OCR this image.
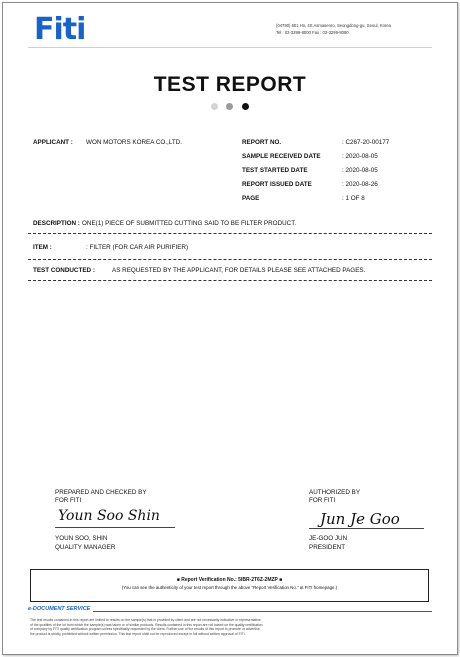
Fiti	(04790) 601 Ho, 4S Asmasenro, Seongdong-gu, Seoul, Korea
Tel : 02-3299-8000 Fax : 02-3299-8090
TEST REPORT
APPLICANT : WON MOTORS KOREA CO.,LTD.	REPORT NO.	: C267-20-00177
SAMPLE RECEIVED DATE	: 2020-08-05
TEST STARTED DATE	: 2020-08-05
REPORT ISSUED DATE	: 2020-08-26
PAGE	: 1 OF 8
DESCRIPTION : ONE(1) PIECE OF SUBMITTED CUTTING SAID TO BE FILTER PRODUCT.
ITEM :	: FILTER (FOR CAR AIR PURIFIER)
TEST CONDUCTED :	AS REQUESTED BY THE APPLICANT, FOR DETAILS PLEASE SEE ATTACHED PAGES.
PREPARED AND CHECKED BY
FOR FITI
Youn Soo Shin
YOUN SOO, SHIN
QUALITY MANAGER
AUTHORIZED BY
FOR FITI
Jun Je Goo
JE-GOO JUN
PRESIDENT
■ Report Verification No.: 5IBR-2T6Z-2MZP ■
(You can see the authenticity of your test report through the above "Report Verification No." at FITI homepage.)
e-DOCUMENT SERVICE
The test results contained in this report are limited to results on the sample(s) that is provided by client and are not necessarily indicative or representative
of the qualities of the lot from which the sample(s) was taken or of similar products. Results contained in this report are not based on the quality certification
of company by FITI quality certification program unless specifically requested by the client. Further use of the results of this report to promote or advertise
the product is strictly prohibited without written permission. This test report shall not be reproduced except in full without written approval of FITI.
